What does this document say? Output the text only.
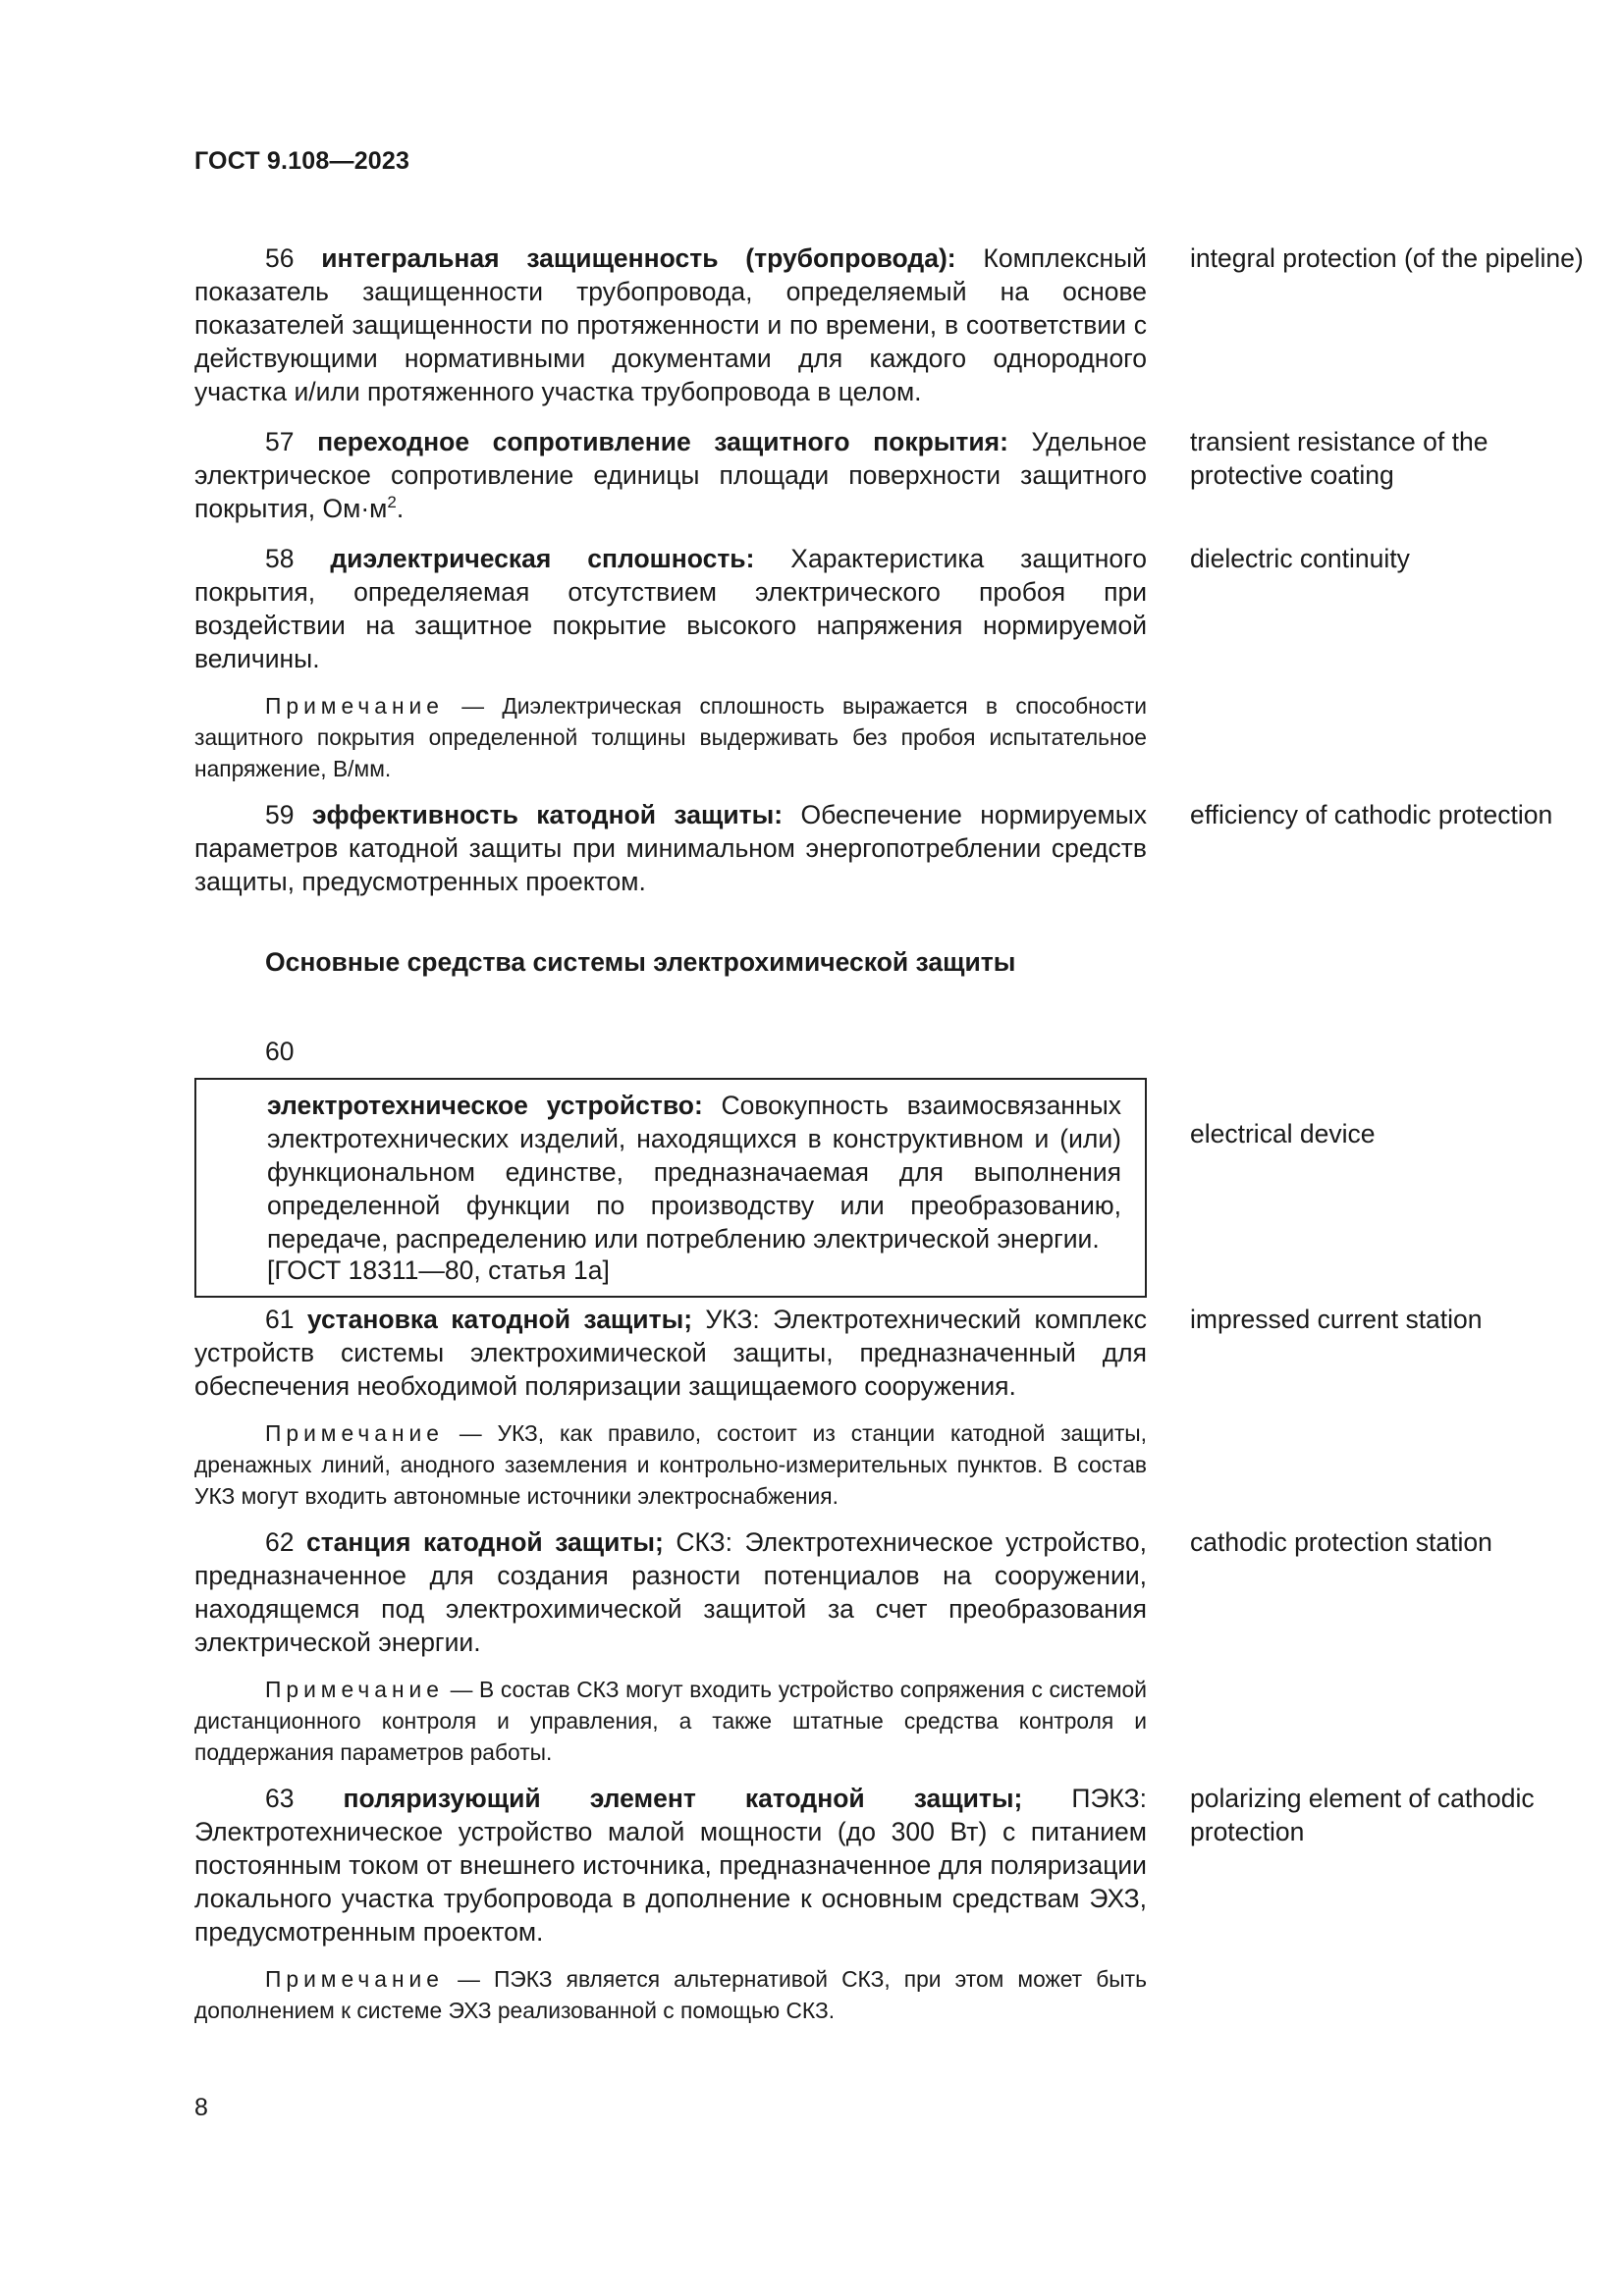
ГОСТ 9.108—2023
56 интегральная защищенность (трубопровода): Комплексный показатель защищенности трубопровода, определяемый на основе показателей защищенности по протяженности и по времени, в соответствии с действующими нормативными документами для каждого однородного участка и/или протяженного участка трубопровода в целом.
integral protection (of the pipeline)
57 переходное сопротивление защитного покрытия: Удельное электрическое сопротивление единицы площади поверхности защитного покрытия, $Ом\cdot м^2$.
transient resistance of the protective coating
58 диэлектрическая сплошность: Характеристика защитного покрытия, определяемая отсутствием электрического пробоя при воздействии на защитное покрытие высокого напряжения нормируемой величины.
dielectric continuity
Примечание — Диэлектрическая сплошность выражается в способности защитного покрытия определенной толщины выдерживать без пробоя испытательное напряжение, В/мм.
59 эффективность катодной защиты: Обеспечение нормируемых параметров катодной защиты при минимальном энергопотреблении средств защиты, предусмотренных проектом.
efficiency of cathodic protection
Основные средства системы электрохимической защиты
60
электротехническое устройство: Совокупность взаимосвязанных электротехнических изделий, находящихся в конструктивном и (или) функциональном единстве, предназначаемая для выполнения определенной функции по производству или преобразованию, передаче, распределению или потреблению электрической энергии.
[ГОСТ 18311—80, статья 1а]
electrical device
61 установка катодной защиты; УКЗ: Электротехнический комплекс устройств системы электрохимической защиты, предназначенный для обеспечения необходимой поляризации защищаемого сооружения.
impressed current station
Примечание — УКЗ, как правило, состоит из станции катодной защиты, дренажных линий, анодного заземления и контрольно-измерительных пунктов. В состав УКЗ могут входить автономные источники электроснабжения.
62 станция катодной защиты; СКЗ: Электротехническое устройство, предназначенное для создания разности потенциалов на сооружении, находящемся под электрохимической защитой за счет преобразования электрической энергии.
cathodic protection station
Примечание — В состав СКЗ могут входить устройство сопряжения с системой дистанционного контроля и управления, а также штатные средства контроля и поддержания параметров работы.
63 поляризующий элемент катодной защиты; ПЭКЗ: Электротехническое устройство малой мощности (до 300 Вт) с питанием постоянным током от внешнего источника, предназначенное для поляризации локального участка трубопровода в дополнение к основным средствам ЭХЗ, предусмотренным проектом.
polarizing element of cathodic protection
Примечание — ПЭКЗ является альтернативой СКЗ, при этом может быть дополнением к системе ЭХЗ реализованной с помощью СКЗ.
8
